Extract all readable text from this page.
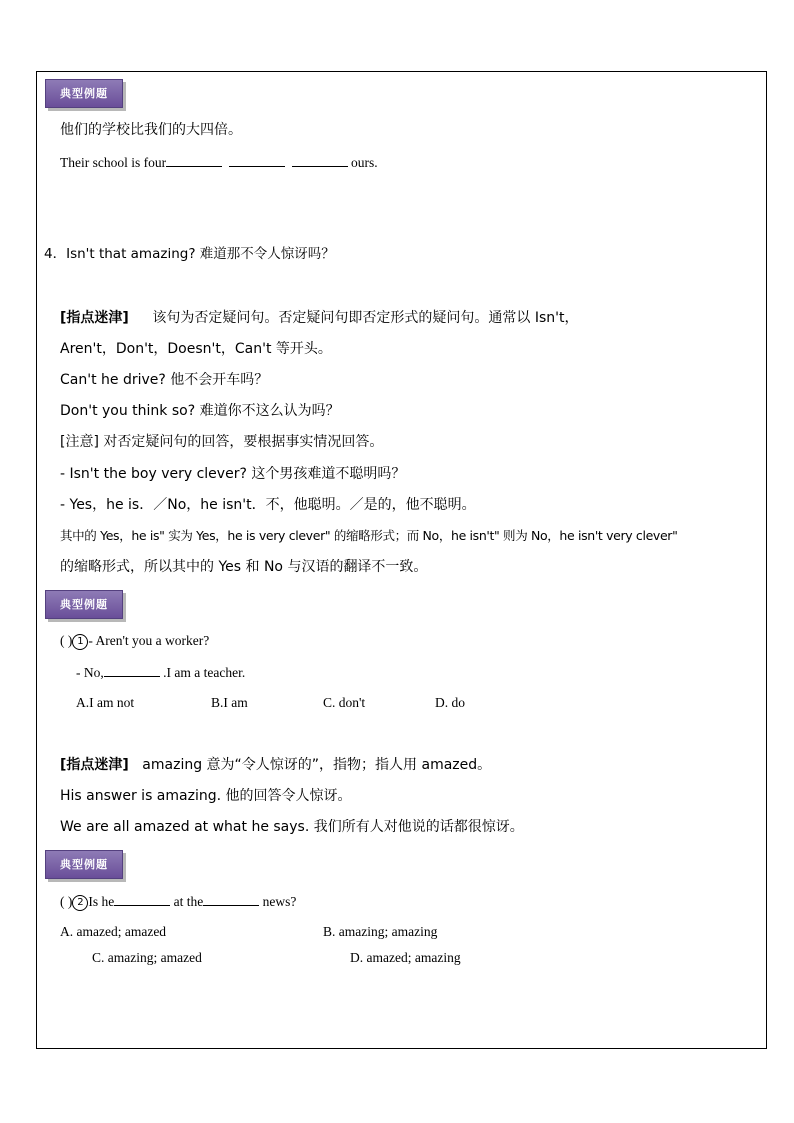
典型例题
他们的学校比我们的大四倍。
Their school is four	ours.
4．Isn't that amazing? 难道那不令人惊讶吗？
[指点迷津] 该句为否定疑问句。否定疑问句即否定形式的疑问句。通常以 Isn't，
Aren't，Don't，Doesn't，Can't 等开头。
Can't he drive? 他不会开车吗？
Don't you think so? 难道你不这么认为吗？
[注意] 对否定疑问句的回答，要根据事实情况回答。
- Isn't the boy very clever? 这个男孩难道不聪明吗？
- Yes，he is．／No，he isn't．不，他聪明。／是的，他不聪明。
其中的 Yes，he is" 实为 Yes，he is very clever" 的缩略形式；而 No，he isn't" 则为 No，he isn't very clever"
的缩略形式，所以其中的 Yes 和 No 与汉语的翻译不一致。
典型例题
( ) 1 - Aren't you a worker?
- No,	.I am a teacher.
A.I am not	B.I am	C. don't	D. do
[指点迷津] amazing 意为“令人惊讶的”，指物；指人用 amazed。
His answer is amazing. 他的回答令人惊讶。
We are all amazed at what he says. 我们所有人对他说的话都很惊讶。
典型例题
( ) 2 Is he	at the	news?
A. amazed; amazed	B. amazing; amazing
C. amazing; amazed	D. amazed; amazing
